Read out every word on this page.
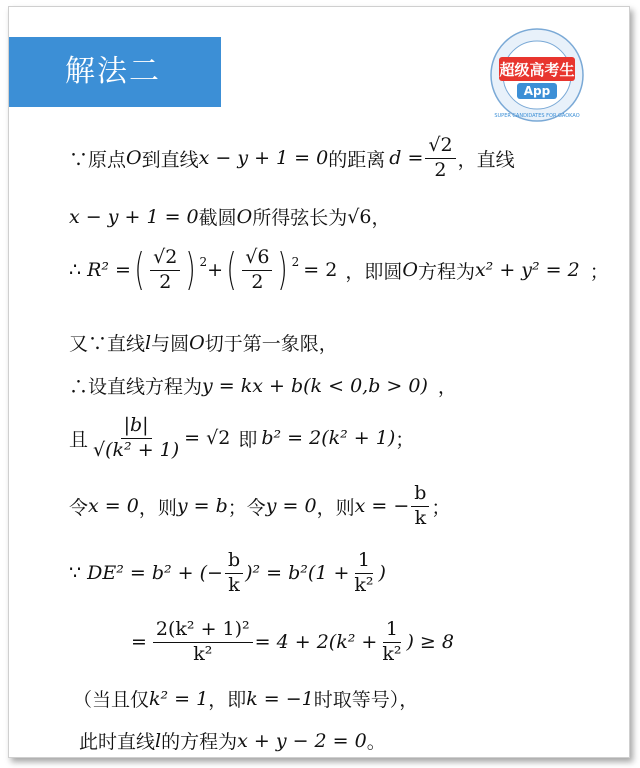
解法二	超级高考生
App
SUPER CANDIDATES FOR GAOKAO
∵原点 O 到直线 x − y + 1 = 0 的距离 $d = \frac{√2}{2}$ ，直线
x − y + 1 = 0 截圆 O 所得弦长为 √6 ，
∴ R² = ( $\frac{√2}{2}$ ) 2 + ( $\frac{√6}{2}$ ) 2 = 2 ，即圆 O 方程为 x² + y² = 2 ；
又∵直线 l 与圆 O 切于第一象限，
∴设直线方程为 y = kx + b(k < 0,b > 0) ，
且 $\frac{|b|}{\text{√(k² + 1)}} = √2$ 即 b² = 2(k² + 1) ；
令 x = 0 ，则 y = b ；令 y = 0 ，则 x = − $\frac{b}{k}$ ；
∵ DE² = b² + (− $\frac{b}{k} )^2 = b^2(1 + \frac{1}{\text{k²}}$ )
= $\frac{\text{2(k² + 1)²}}{\text{k²}} = 4 + 2(k^2 + \frac{1}{\text{k²}}$ ) ≥ 8
（当且仅 k² = 1 ，即 k = −1 时取等号），
此时直线 l 的方程为 x + y − 2 = 0 。
